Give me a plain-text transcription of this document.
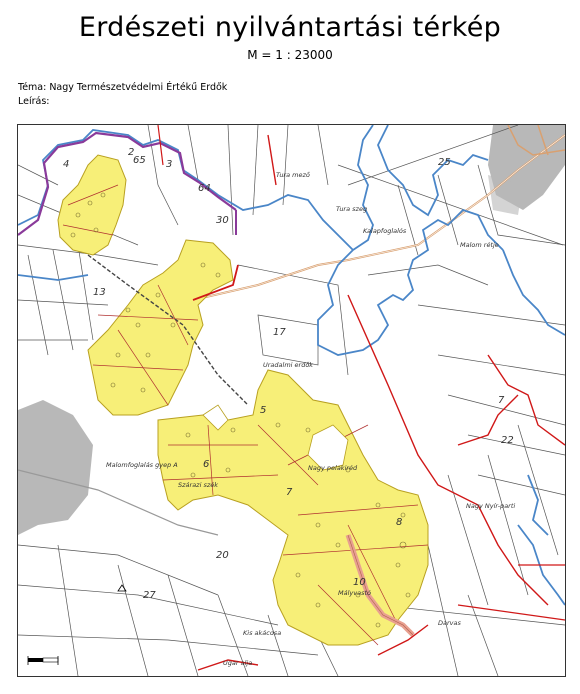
Erdészeti nyilvántartási térkép
M = 1 : 23000
Téma: Nagy Természetvédelmi Értékű Erdők
Leírás:
65
64
30
13
17
5
6
7
8
10
20
27
22
7
25
4
2
3
Tura mező
Tura szeg
Malom rétje
Kalapfoglalós
Uradalmi erdők
Nagy pelakiréd
Malomfoglalás gyep A
Szárazi szék
Mályvastó
Darvas
Kis akácosa
Ugar alja
Nagy Nyír-parti
